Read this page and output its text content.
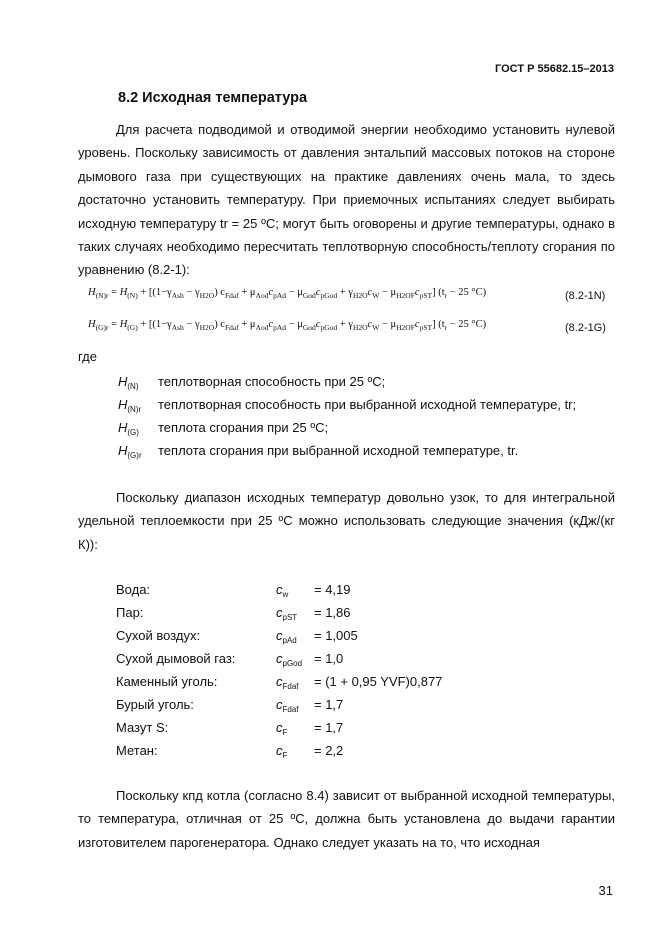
ГОСТ Р 55682.15–2013
8.2 Исходная температура
Для расчета подводимой и отводимой энергии необходимо установить нулевой уровень. Поскольку зависимость от давления энтальпий массовых потоков на стороне дымового газа при существующих на практике давлениях очень мала, то здесь достаточно установить температуру. При приемочных испытаниях следует выбирать исходную температуру tr = 25 ºС; могут быть оговорены и другие температуры, однако в таких случаях необходимо пересчитать теплотворную способность/теплоту сгорания по уравнению (8.2-1):
$H_{(N)r} = H_{(N)} + [(1-\gamma_{Ash} - \gamma_{H2O}) c_{Fdaf} + \mu_{Aod}c_{pAd} - \mu_{God}c_{pGod} + \gamma_{H2O}c_W - \mu_{H2OF}c_{pST}] (t_r - 25$ °C)	(8.2-1N)
$H_{(G)r} = H_{(G)} + [(1-\gamma_{Ash} - \gamma_{H2O}) c_{Fdaf} + \mu_{Aod}c_{pAd} - \mu_{God}c_{pGod} + \gamma_{H2O}c_W - \mu_{H2OF}c_{pST}] (t_r - 25$ °C)	(8.2-1G)
где
$H_{(N)}$ теплотворная способность при 25 ºС;
$H_{(N)r}$ теплотворная способность при выбранной исходной температуре, tr;
$H_{(G)}$ теплота сгорания при 25 ºС;
$H_{(G)r}$ теплота сгорания при выбранной исходной температуре, tr.
Поскольку диапазон исходных температур довольно узок, то для интегральной удельной теплоемкости при 25 ºС можно использовать следующие значения (кДж/(кг К)):
Вода:	$c_w = 4,19$
Пар:	$c_{pST} = 1,86$
Сухой воздух:	$c_{pAd} = 1,005$
Сухой дымовой газ:	$c_{pGod} = 1,0$
Каменный уголь:	$c_{Fdaf} = (1 + 0,95$ YVF)0,877
Бурый уголь:	$c_{Fdaf} = 1,7$
Мазут S:	$c_F = 1,7$
Метан:	$c_F = 2,2$
Поскольку кпд котла (согласно 8.4) зависит от выбранной исходной температуры, то температура, отличная от 25 ºС, должна быть установлена до выдачи гарантии изготовителем парогенератора. Однако следует указать на то, что исходная
31
